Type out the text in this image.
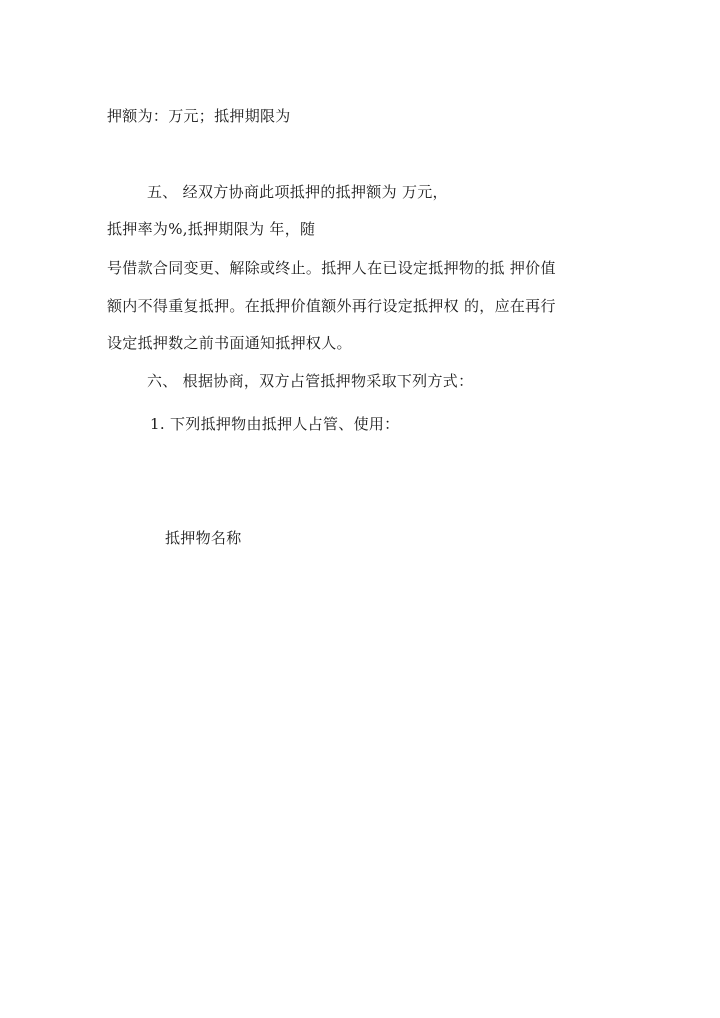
押额为：万元；抵押期限为
五、 经双方协商此项抵押的抵押额为 万元，
抵押率为%,抵押期限为 年，随
号借款合同变更、解除或终止。抵押人在已设定抵押物的抵 押价值
额内不得重复抵押。在抵押价值额外再行设定抵押权 的，应在再行
设定抵押数之前书面通知抵押权人。
六、 根据协商，双方占管抵押物采取下列方式：
1. 下列抵押物由抵押人占管、使用：
抵押物名称
